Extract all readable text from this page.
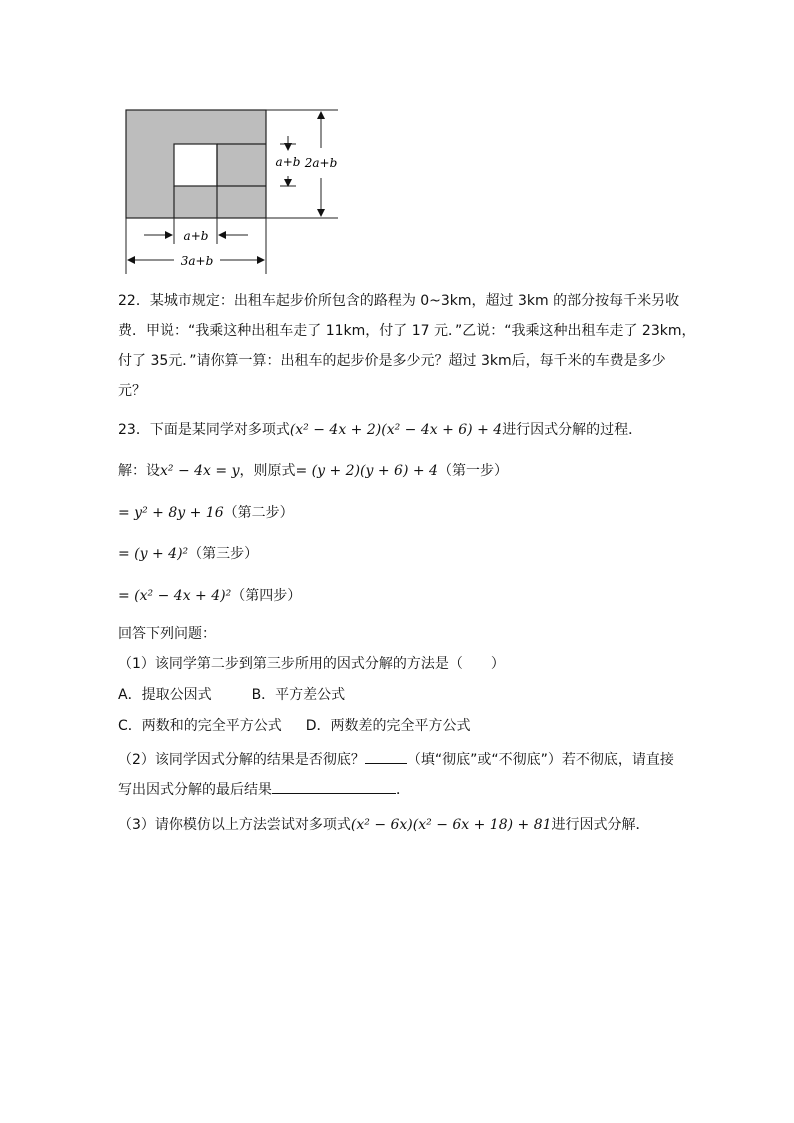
a+b 2a+b
a+b
3a+b
22．某城市规定：出租车起步价所包含的路程为 0~3km，超过 3km 的部分按每千米另收
费．甲说：“我乘这种出租车走了 11km，付了 17 元．”乙说：“我乘这种出租车走了 23km，
付了 35元．”请你算一算：出租车的起步价是多少元？超过 3km后，每千米的车费是多少
元？
23．下面是某同学对多项式(x² − 4x + 2)(x² − 4x + 6) + 4进行因式分解的过程．
解：设x² − 4x = y，则原式= (y + 2)(y + 6) + 4（第一步）
= y² + 8y + 16（第二步）
= (y + 4)²（第三步）
= (x² − 4x + 4)²（第四步）
回答下列问题：
（1）该同学第二步到第三步所用的因式分解的方法是（　　）
A．提取公因式	B．平方差公式
C．两数和的完全平方公式 D．两数差的完全平方公式
（2）该同学因式分解的结果是否彻底？	（填“彻底”或“不彻底”）若不彻底，请直接
写出因式分解的最后结果	．
（3）请你模仿以上方法尝试对多项式(x² − 6x)(x² − 6x + 18) + 81进行因式分解．
